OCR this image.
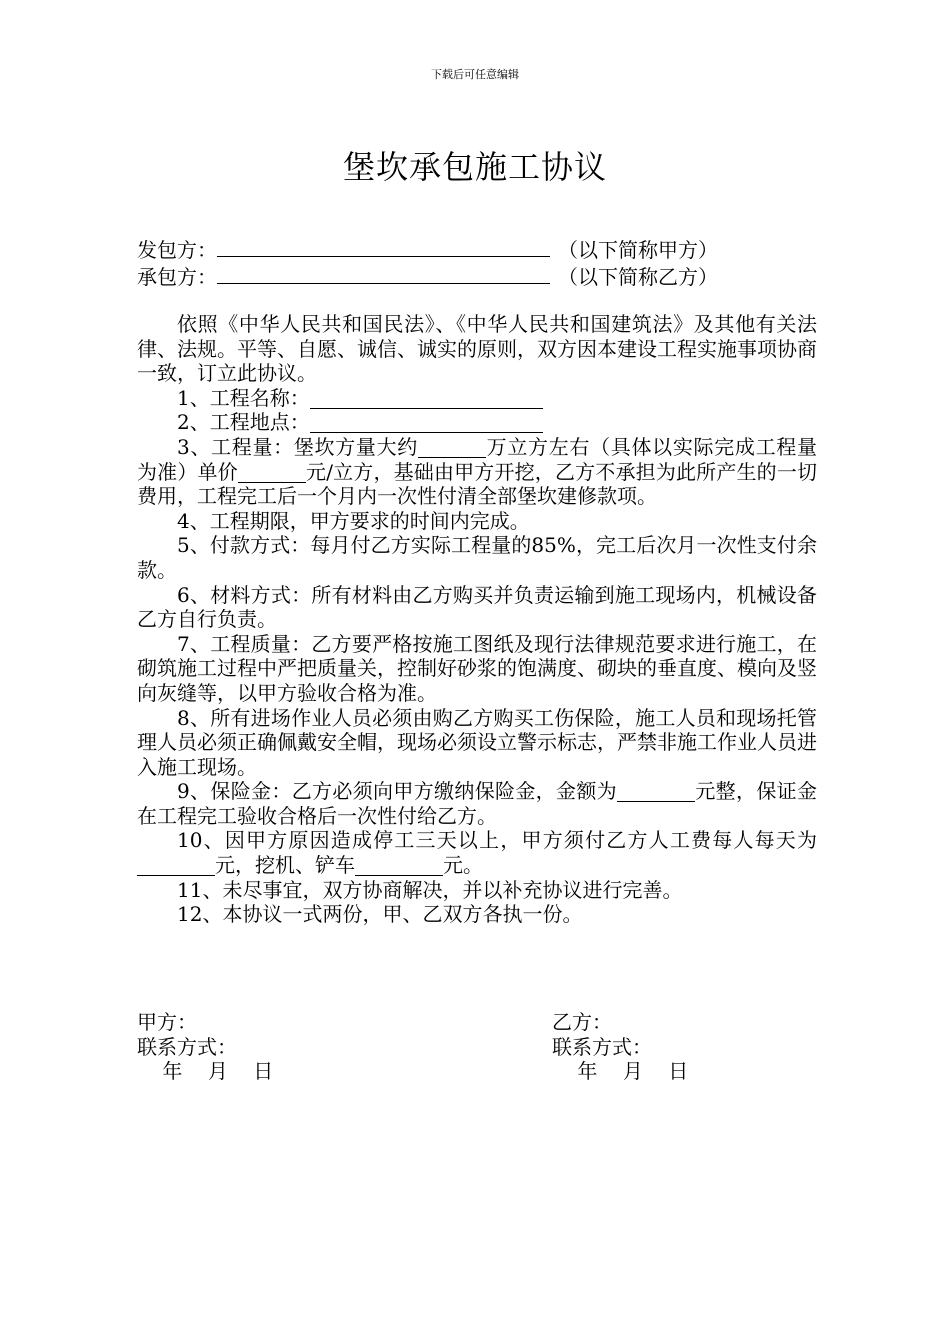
下载后可任意编辑
堡坎承包施工协议
发包方：	（以下简称甲方）
承包方：	（以下简称乙方）

依照《中华人民共和国民法》、《中华人民共和国建筑法》及其他有关法律、法规。平等、自愿、诚信、诚实的原则，双方因本建设工程实施事项协商一致，订立此协议。

1、工程名称：

2、工程地点：

3、工程量：堡坎方量大约	万立方左右（具体以实际完成工程量为准）单价	元/立方，基础由甲方开挖，乙方不承担为此所产生的一切费用，工程完工后一个月内一次性付清全部堡坎建修款项。

4、工程期限，甲方要求的时间内完成。

5、付款方式：每月付乙方实际工程量的85%，完工后次月一次性支付余款。

6、材料方式：所有材料由乙方购买并负责运输到施工现场内，机械设备乙方自行负责。

7、工程质量：乙方要严格按施工图纸及现行法律规范要求进行施工，在砌筑施工过程中严把质量关，控制好砂浆的饱满度、砌块的垂直度、模向及竖向灰缝等，以甲方验收合格为准。

8、所有进场作业人员必须由购乙方购买工伤保险，施工人员和现场托管理人员必须正确佩戴安全帽，现场必须设立警示标志，严禁非施工作业人员进入施工现场。

9、保险金：乙方必须向甲方缴纳保险金，金额为	元整，保证金在工程完工验收合格后一次性付给乙方。

10、因甲方原因造成停工三天以上，甲方须付乙方人工费每人每天为元，挖机、铲车	元。

11、未尽事宜，双方协商解决，并以补充协议进行完善。

12、本协议一式两份，甲、乙双方各执一份。

甲方：
联系方式：
年    月    日
乙方：
联系方式：
年    月    日
